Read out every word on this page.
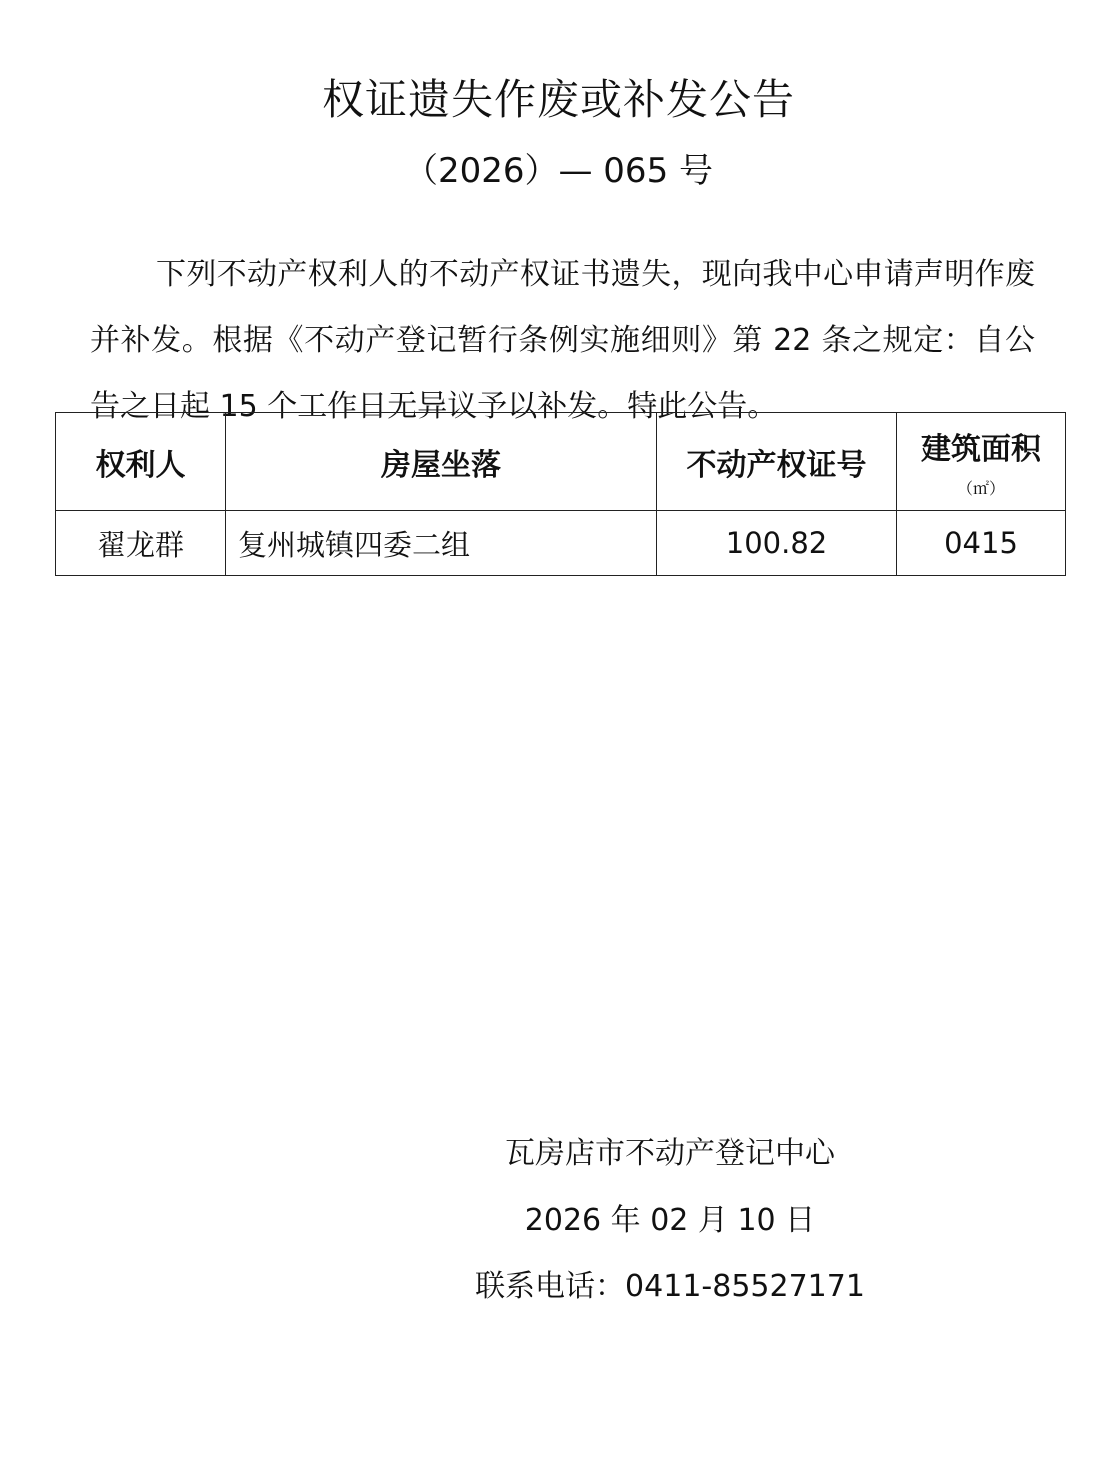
权证遗失作废或补发公告
（2026）— 065 号

下列不动产权利人的不动产权证书遗失，现向我中心申请声明作废并补发。根据《不动产登记暂行条例实施细则》第 22 条之规定：自公告之日起 15 个工作日无异议予以补发。特此公告。

权利人	房屋坐落	不动产权证号	建筑面积
（㎡）

翟龙群	复州城镇四委二组	100.82	0415
瓦房店市不动产登记中心
2026 年 02 月 10 日
联系电话：0411-85527171
